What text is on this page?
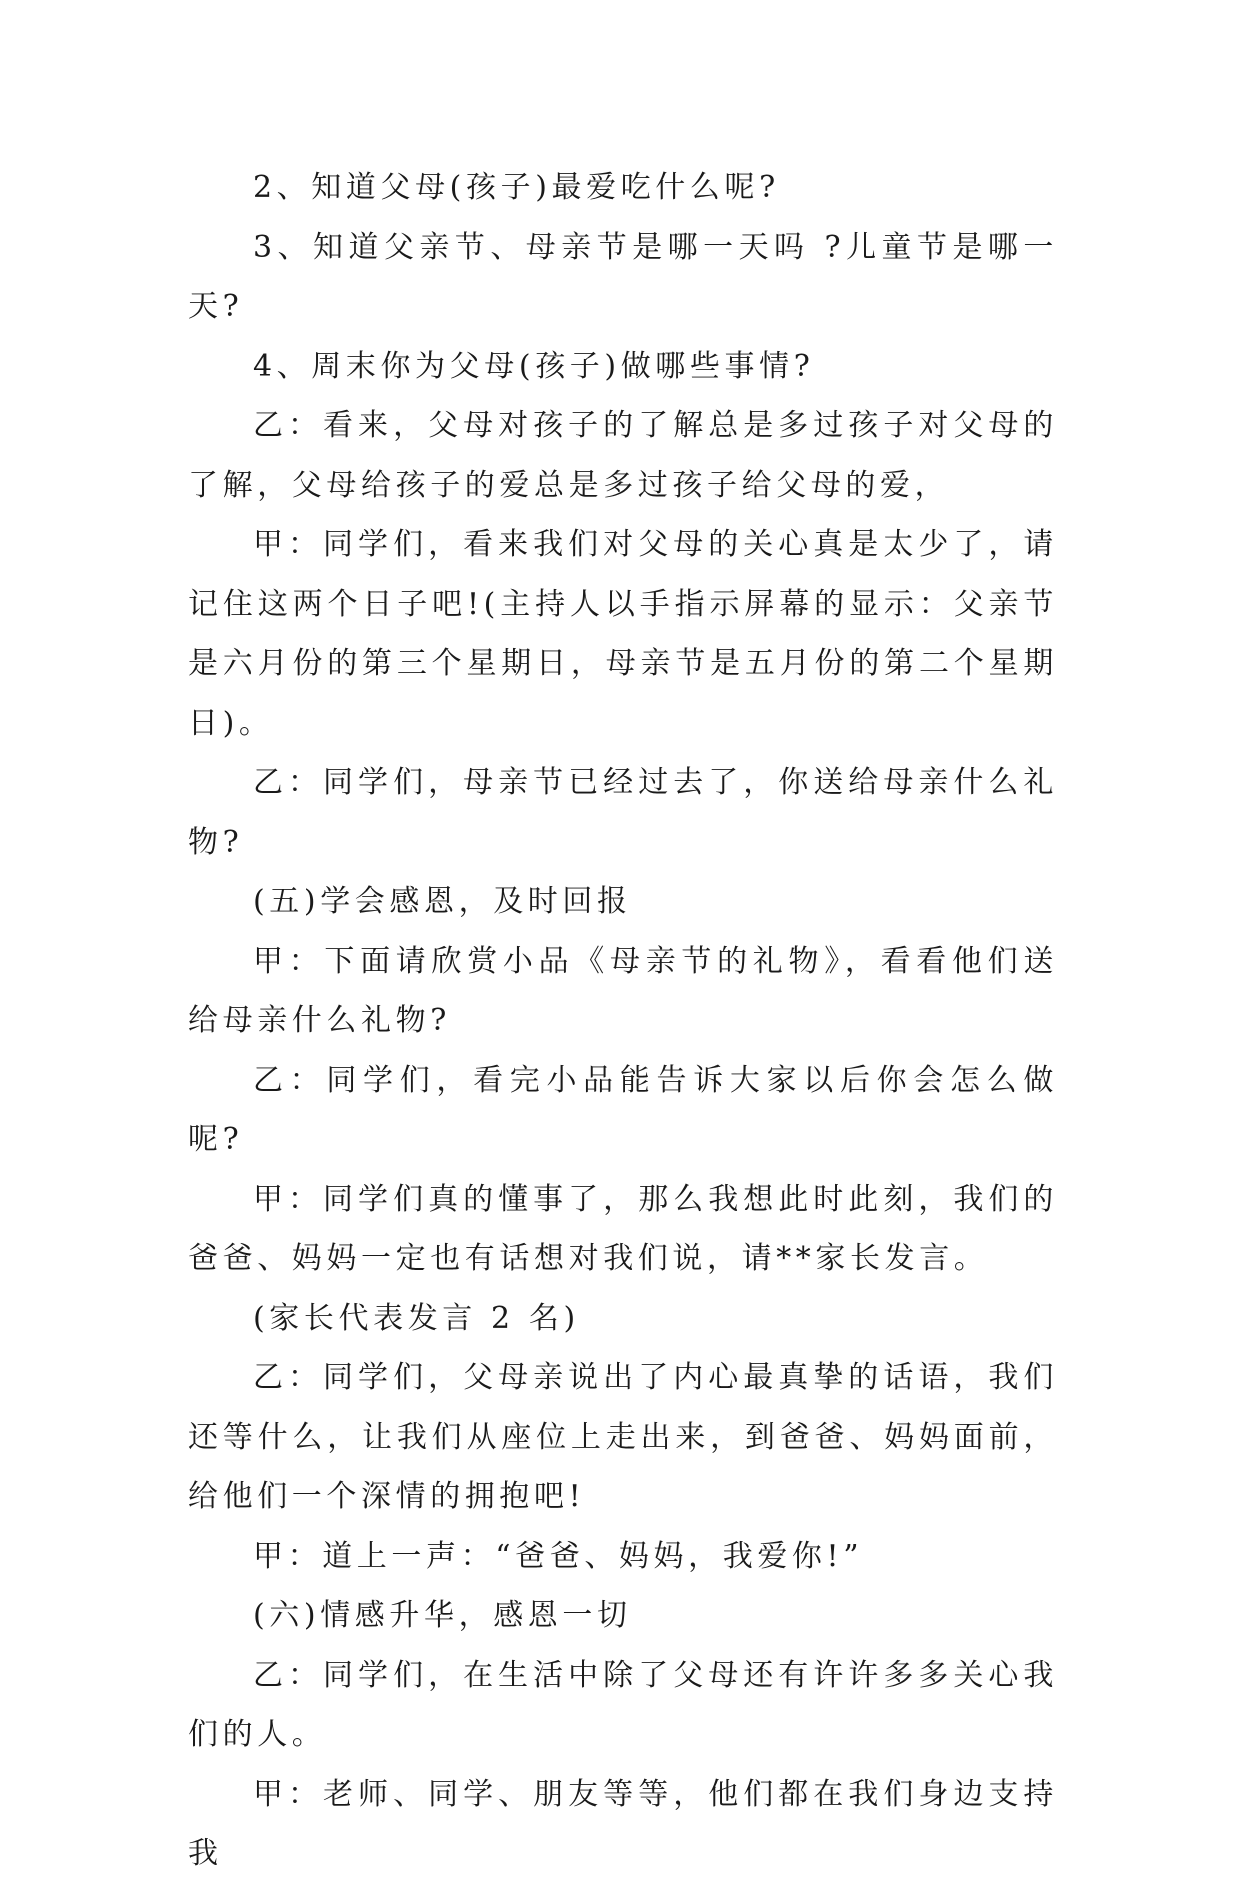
2、知道父母(孩子)最爱吃什么呢?

3、知道父亲节、母亲节是哪一天吗 ?儿童节是哪一天?

4、周末你为父母(孩子)做哪些事情?

乙：看来，父母对孩子的了解总是多过孩子对父母的了解，父母给孩子的爱总是多过孩子给父母的爱，

甲：同学们，看来我们对父母的关心真是太少了，请记住这两个日子吧!(主持人以手指示屏幕的显示：父亲节是六月份的第三个星期日，母亲节是五月份的第二个星期日)。

乙：同学们，母亲节已经过去了，你送给母亲什么礼物?

(五)学会感恩，及时回报

甲：下面请欣赏小品《母亲节的礼物》，看看他们送给母亲什么礼物?

乙：同学们，看完小品能告诉大家以后你会怎么做呢?

甲：同学们真的懂事了，那么我想此时此刻，我们的爸爸、妈妈一定也有话想对我们说，请**家长发言。

(家长代表发言 2 名)

乙：同学们，父母亲说出了内心最真挚的话语，我们还等什么，让我们从座位上走出来，到爸爸、妈妈面前，给他们一个深情的拥抱吧!

甲：道上一声：“爸爸、妈妈，我爱你!”

(六)情感升华，感恩一切

乙：同学们，在生活中除了父母还有许许多多关心我们的人。

甲：老师、同学、朋友等等，他们都在我们身边支持我
